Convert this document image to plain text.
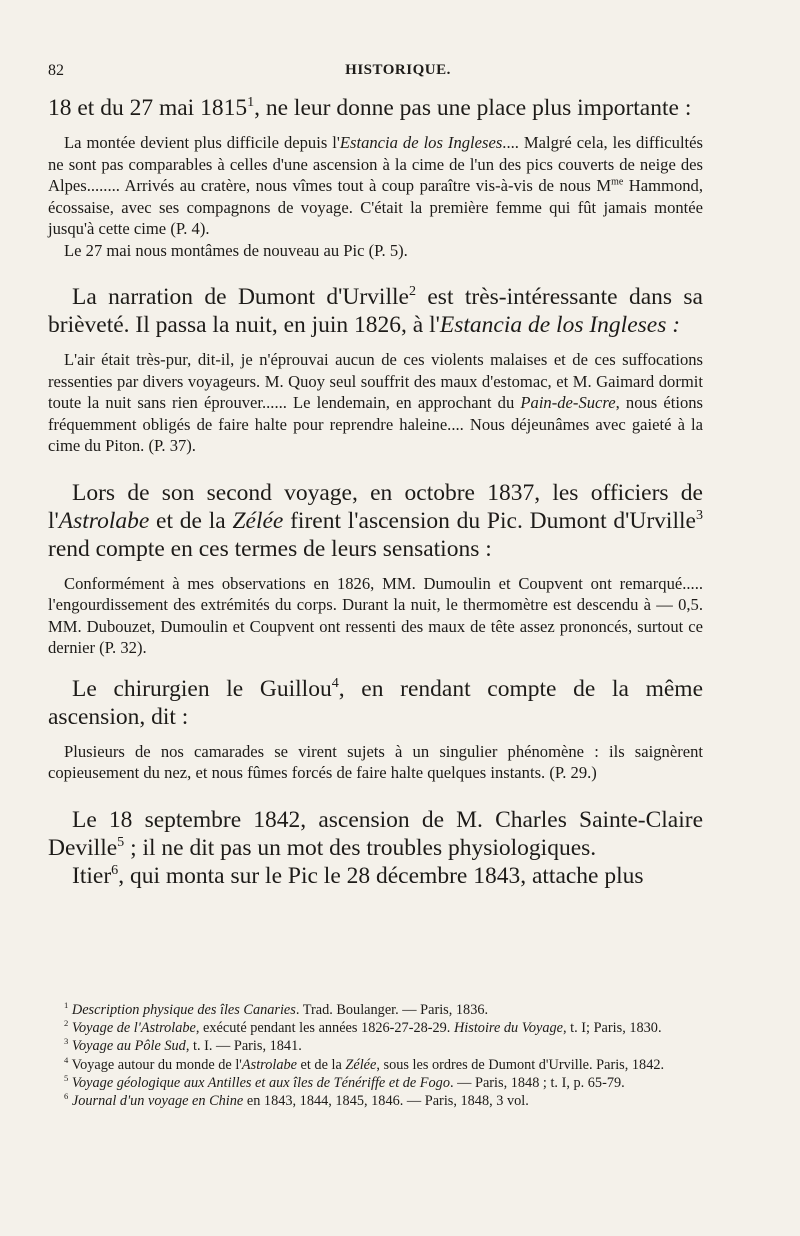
82	HISTORIQUE.

18 et du 27 mai 1815$^1$, ne leur donne pas une place plus importante :

La montée devient plus difficile depuis l'Estancia de los Ingleses.... Malgré cela, les difficultés ne sont pas comparables à celles d'une ascension à la cime de l'un des pics couverts de neige des Alpes........ Arrivés au cratère, nous vîmes tout à coup paraître vis-à-vis de nous $M^{me}$ Hammond, écossaise, avec ses compagnons de voyage. C'était la première femme qui fût jamais montée jusqu'à cette cime (P. 4).

Le 27 mai nous montâmes de nouveau au Pic (P. 5).

La narration de Dumont d'Urville$^2$ est très-intéressante dans sa brièveté. Il passa la nuit, en juin 1826, à l'Estancia de los Ingleses :

L'air était très-pur, dit-il, je n'éprouvai aucun de ces violents malaises et de ces suffocations ressenties par divers voyageurs. M. Quoy seul souffrit des maux d'estomac, et M. Gaimard dormit toute la nuit sans rien éprouver...... Le lendemain, en approchant du Pain-de-Sucre, nous étions fréquemment obligés de faire halte pour reprendre haleine.... Nous déjeunâmes avec gaieté à la cime du Piton. (P. 37).

Lors de son second voyage, en octobre 1837, les officiers de l'Astrolabe et de la Zélée firent l'ascension du Pic. Dumont d'Urville$^3$ rend compte en ces termes de leurs sensations :

Conformément à mes observations en 1826, MM. Dumoulin et Coupvent ont remarqué..... l'engourdissement des extrémités du corps. Durant la nuit, le thermomètre est descendu à — 0,5. MM. Dubouzet, Dumoulin et Coupvent ont ressenti des maux de tête assez prononcés, surtout ce dernier (P. 32).

Le chirurgien le Guillou$^4$, en rendant compte de la même ascension, dit :

Plusieurs de nos camarades se virent sujets à un singulier phénomène : ils saignèrent copieusement du nez, et nous fûmes forcés de faire halte quelques instants. (P. 29.)

Le 18 septembre 1842, ascension de M. Charles Sainte-Claire Deville$^5$ ; il ne dit pas un mot des troubles physiologiques.

Itier$^6$, qui monta sur le Pic le 28 décembre 1843, attache plus

$^1$ Description physique des îles Canaries. Trad. Boulanger. — Paris, 1836.

$^2$ Voyage de l'Astrolabe, exécuté pendant les années 1826-27-28-29. Histoire du Voyage, t. I; Paris, 1830.

$^3$ Voyage au Pôle Sud, t. I. — Paris, 1841.

$^4$ Voyage autour du monde de l'Astrolabe et de la Zélée, sous les ordres de Dumont d'Urville. Paris, 1842.

$^5$ Voyage géologique aux Antilles et aux îles de Ténériffe et de Fogo. — Paris, 1848 ; t. I, p. 65-79.

$^6$ Journal d'un voyage en Chine en 1843, 1844, 1845, 1846. — Paris, 1848, 3 vol.
